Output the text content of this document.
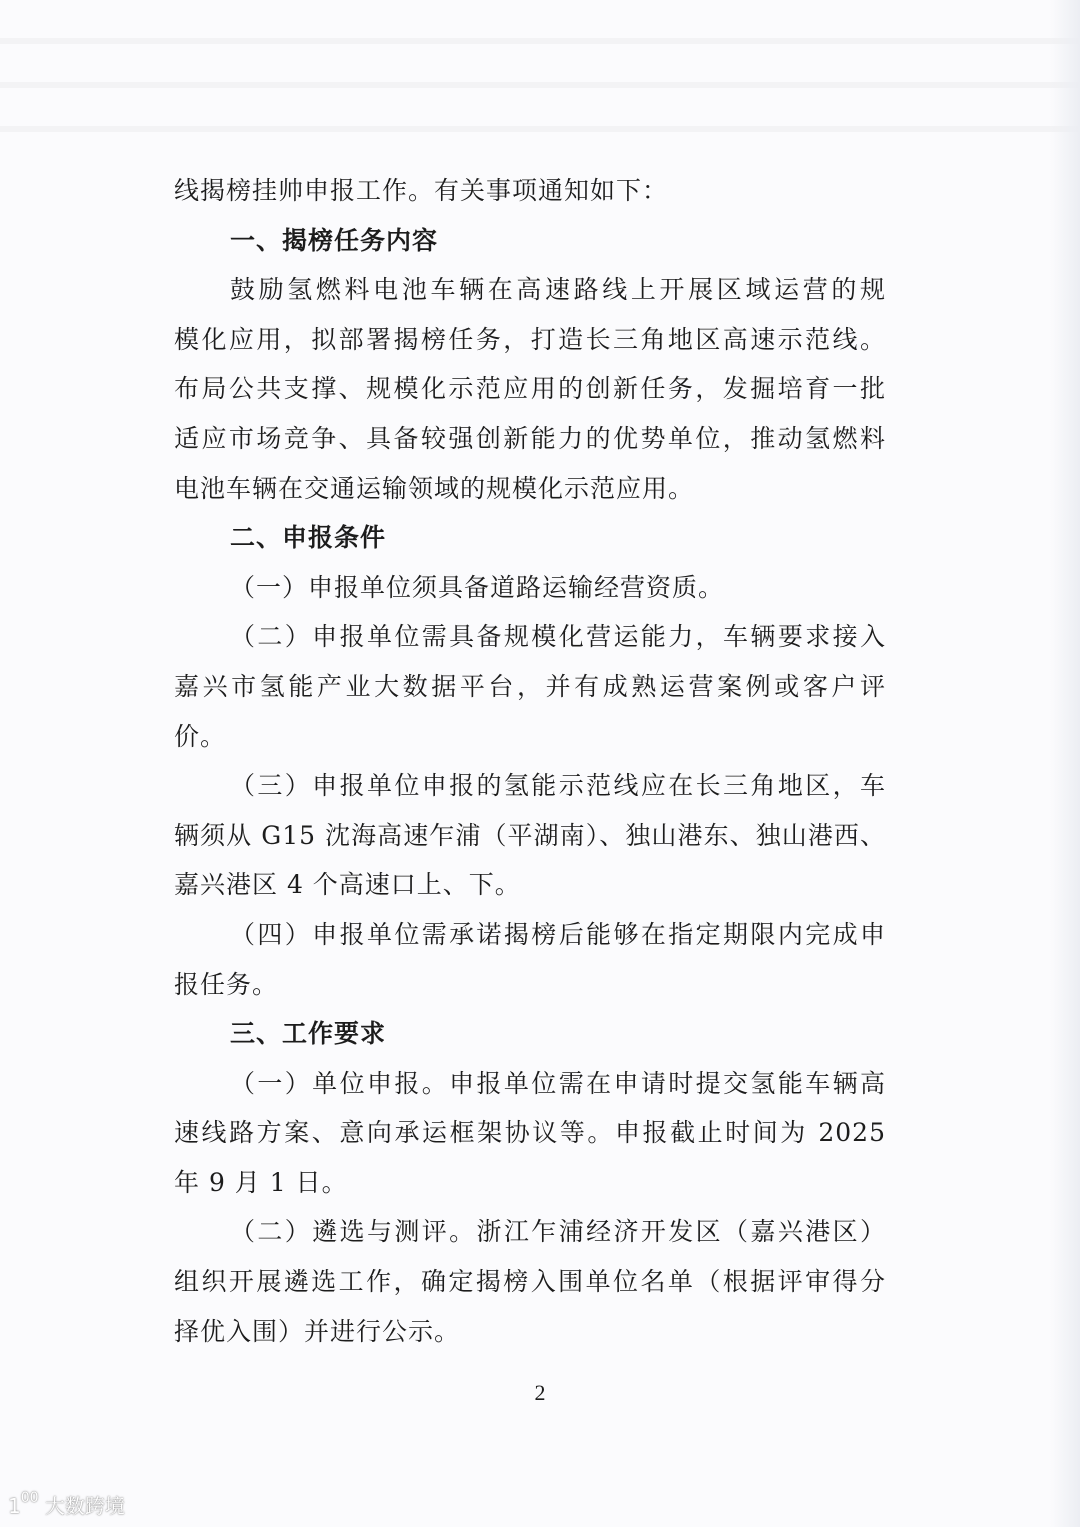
线揭榜挂帅申报工作。有关事项通知如下：
一、揭榜任务内容
鼓励氢燃料电池车辆在高速路线上开展区域运营的规
模化应用，拟部署揭榜任务，打造长三角地区高速示范线。
布局公共支撑、规模化示范应用的创新任务，发掘培育一批
适应市场竞争、具备较强创新能力的优势单位，推动氢燃料
电池车辆在交通运输领域的规模化示范应用。
二、申报条件
（一）申报单位须具备道路运输经营资质。
（二）申报单位需具备规模化营运能力，车辆要求接入
嘉兴市氢能产业大数据平台，并有成熟运营案例或客户评
价。
（三）申报单位申报的氢能示范线应在长三角地区，车
辆须从 G15 沈海高速乍浦（平湖南）、独山港东、独山港西、
嘉兴港区 4 个高速口上、下。
（四）申报单位需承诺揭榜后能够在指定期限内完成申
报任务。
三、工作要求
（一）单位申报。申报单位需在申请时提交氢能车辆高
速线路方案、意向承运框架协议等。申报截止时间为 2025
年 9 月 1 日。
（二）遴选与测评。浙江乍浦经济开发区（嘉兴港区）
组织开展遴选工作，确定揭榜入围单位名单（根据评审得分
择优入围）并进行公示。
2
$1^{00}$ 大数跨境
